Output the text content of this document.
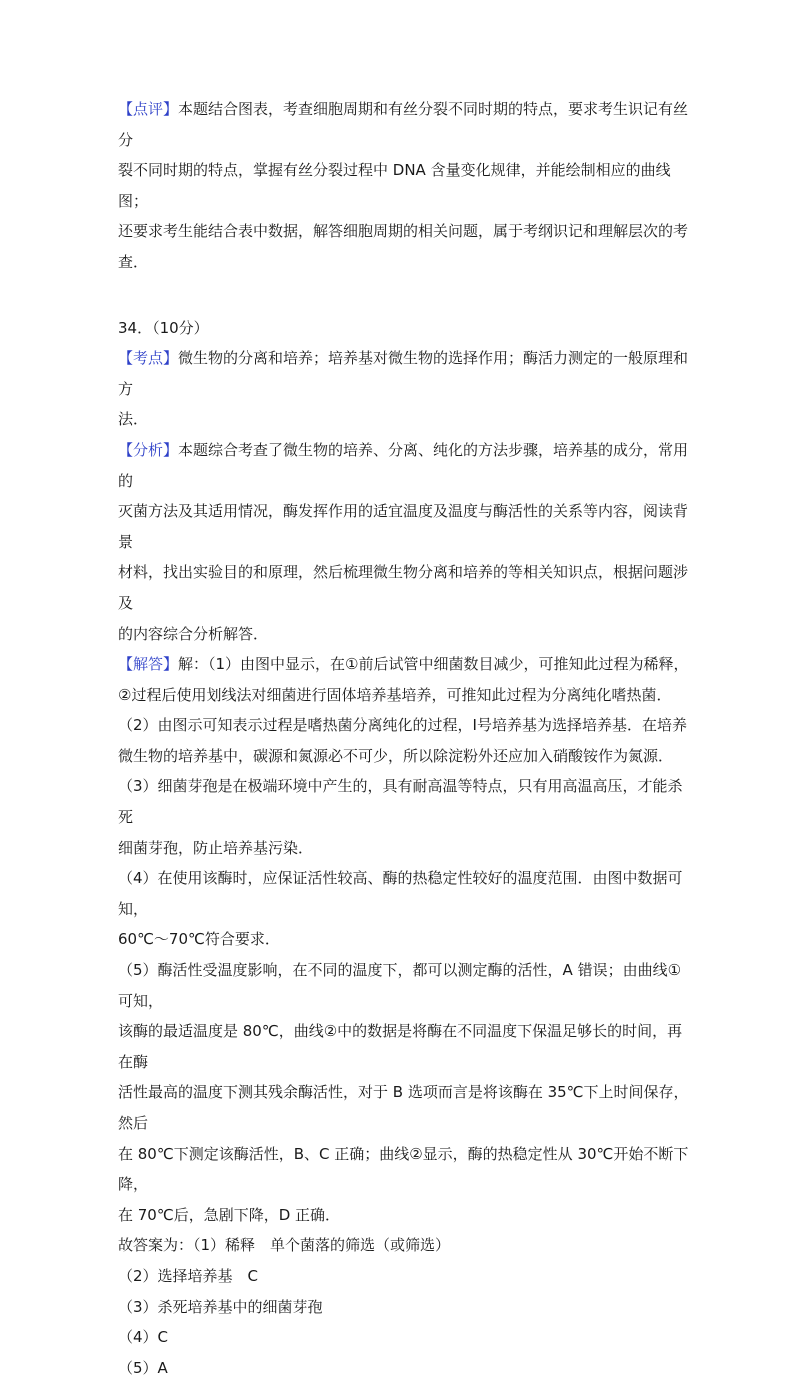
【点评】本题结合图表，考查细胞周期和有丝分裂不同时期的特点，要求考生识记有丝分

裂不同时期的特点，掌握有丝分裂过程中 DNA 含量变化规律，并能绘制相应的曲线图；

还要求考生能结合表中数据，解答细胞周期的相关问题，属于考纲识记和理解层次的考查．

34．（10分）

【考点】微生物的分离和培养；培养基对微生物的选择作用；酶活力测定的一般原理和方

法．

【分析】本题综合考查了微生物的培养、分离、纯化的方法步骤，培养基的成分，常用的

灭菌方法及其适用情况，酶发挥作用的适宜温度及温度与酶活性的关系等内容，阅读背景

材料，找出实验目的和原理，然后梳理微生物分离和培养的等相关知识点，根据问题涉及

的内容综合分析解答．

【解答】解：（1）由图中显示，在①前后试管中细菌数目减少，可推知此过程为稀释，

②过程后使用划线法对细菌进行固体培养基培养，可推知此过程为分离纯化嗜热菌．

（2）由图示可知表示过程是嗜热菌分离纯化的过程，Ⅰ号培养基为选择培养基．在培养

微生物的培养基中，碳源和氮源必不可少，所以除淀粉外还应加入硝酸铵作为氮源．

（3）细菌芽孢是在极端环境中产生的，具有耐高温等特点，只有用高温高压，才能杀死

细菌芽孢，防止培养基污染．

（4）在使用该酶时，应保证活性较高、酶的热稳定性较好的温度范围．由图中数据可知，

60℃～70℃符合要求．

（5）酶活性受温度影响，在不同的温度下，都可以测定酶的活性，A 错误；由曲线①可知，

该酶的最适温度是 80℃，曲线②中的数据是将酶在不同温度下保温足够长的时间，再在酶

活性最高的温度下测其残余酶活性，对于 B 选项而言是将该酶在 35℃下上时间保存，然后

在 80℃下测定该酶活性，B、C 正确；曲线②显示，酶的热稳定性从 30℃开始不断下降，

在 70℃后，急剧下降，D 正确．

故答案为：（1）稀释　单个菌落的筛选（或筛选）

（2）选择培养基　C

（3）杀死培养基中的细菌芽孢

（4）C

（5）A
